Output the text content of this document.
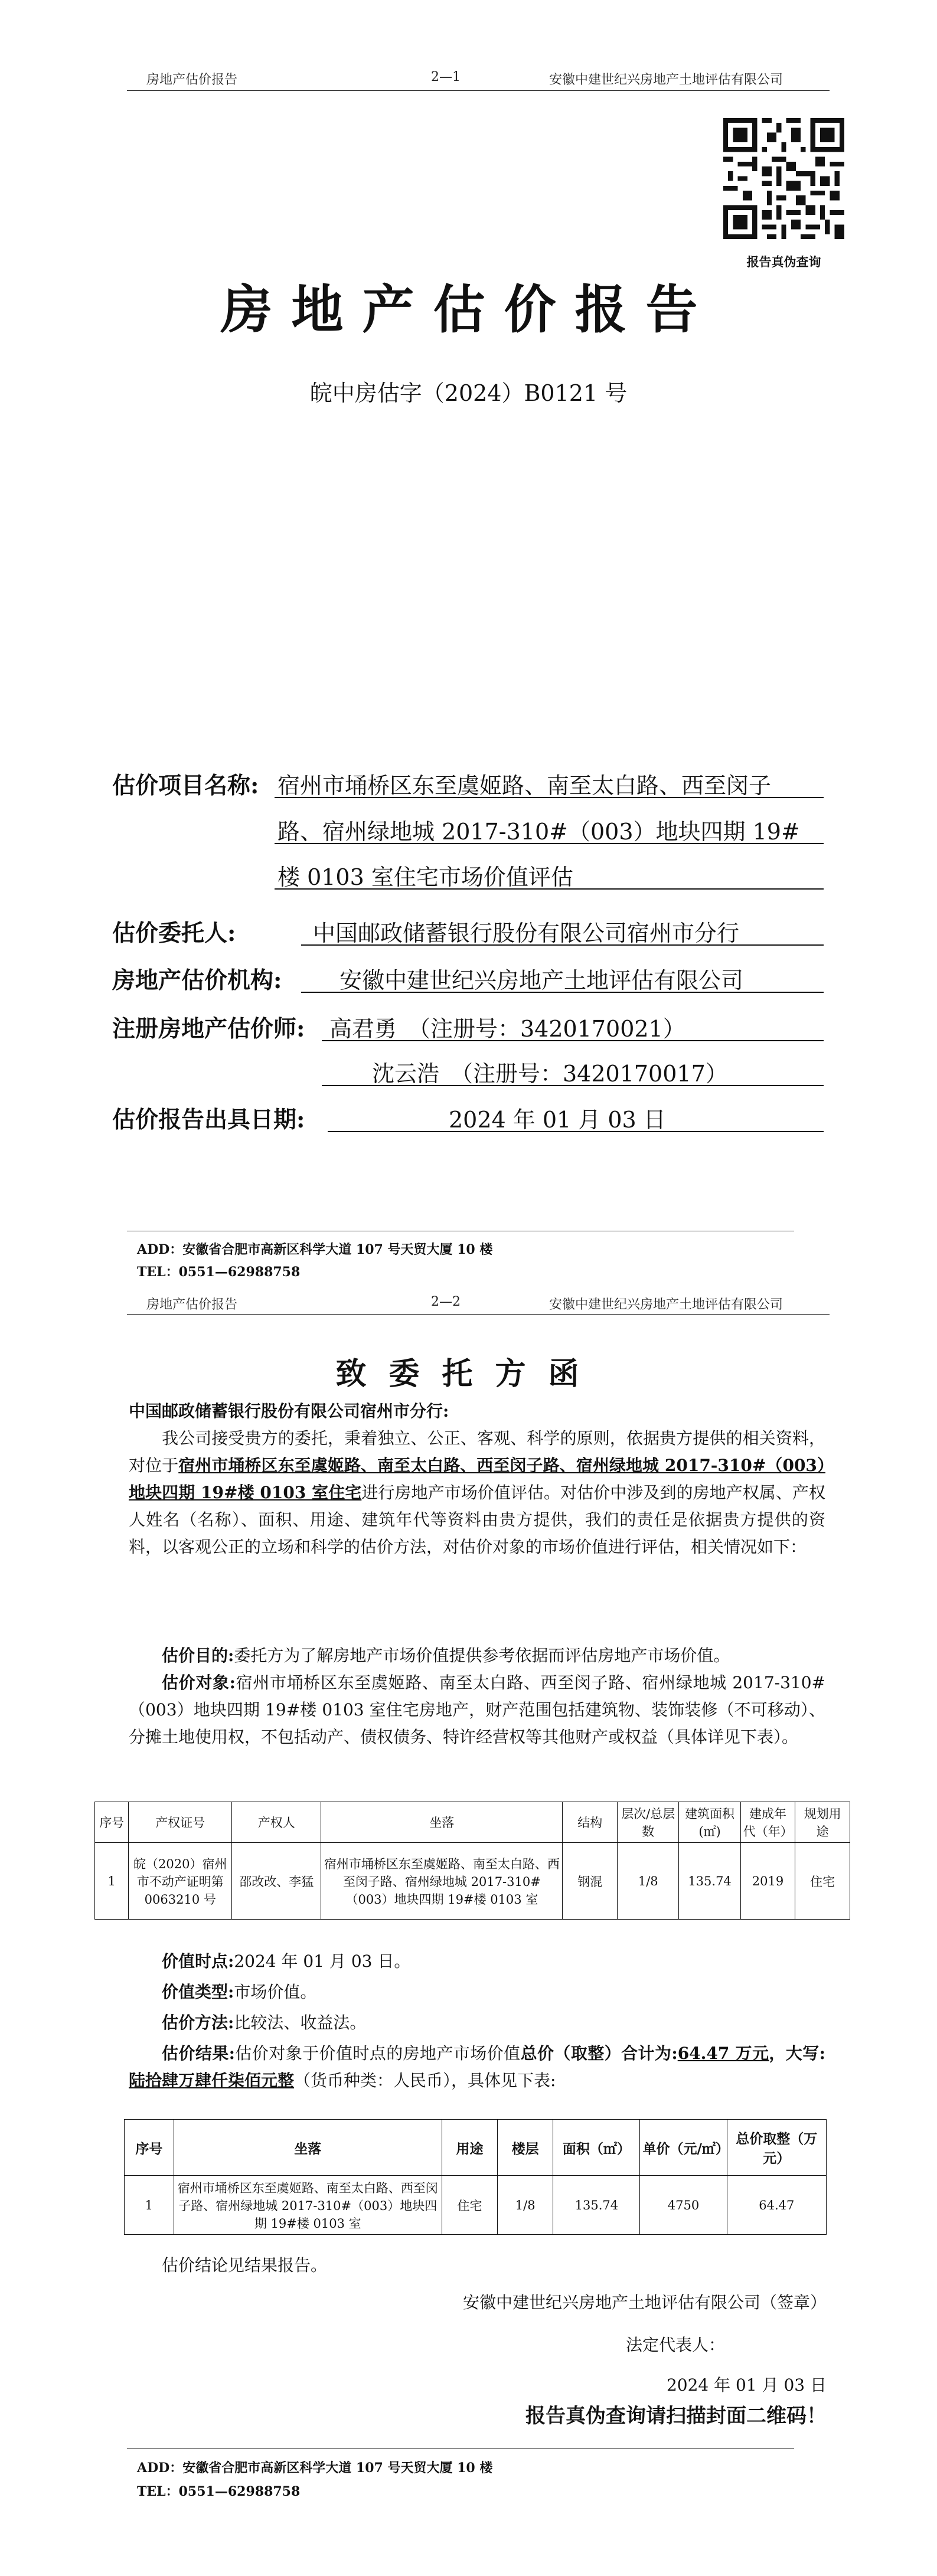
房地产估价报告	2—1	安徽中建世纪兴房地产土地评估有限公司
报告真伪查询
房地产估价报告
皖中房估字（2024）B0121 号
估价项目名称: 宿州市埇桥区东至虞姬路、南至太白路、西至闵子
路、宿州绿地城 2017-310#（003）地块四期 19#
楼 0103 室住宅市场价值评估
估价委托人:	中国邮政储蓄银行股份有限公司宿州市分行
房地产估价机构:	安徽中建世纪兴房地产土地评估有限公司
注册房地产估价师: 高君勇　（注册号：3420170021）
沈云浩　（注册号：3420170017）
估价报告出具日期:	2024 年 01 月 03 日
ADD：安徽省合肥市高新区科学大道 107 号天贸大厦 10 楼
TEL：0551—62988758
房地产估价报告	2—2	安徽中建世纪兴房地产土地评估有限公司
致委托方函
中国邮政储蓄银行股份有限公司宿州市分行:
我公司接受贵方的委托，秉着独立、公正、客观、科学的原则，依据贵方提供的相关资料，对位于宿州市埇桥区东至虞姬路、南至太白路、西至闵子路、宿州绿地城 2017-310#（003）地块四期 19#楼 0103 室住宅进行房地产市场价值评估。对估价中涉及到的房地产权属、产权人姓名（名称）、面积、用途、建筑年代等资料由贵方提供，我们的责任是依据贵方提供的资料，以客观公正的立场和科学的估价方法，对估价对象的市场价值进行评估，相关情况如下：
估价目的:委托方为了解房地产市场价值提供参考依据而评估房地产市场价值。
估价对象:宿州市埇桥区东至虞姬路、南至太白路、西至闵子路、宿州绿地城 2017-310#（003）地块四期 19#楼 0103 室住宅房地产，财产范围包括建筑物、装饰装修（不可移动）、分摊土地使用权，不包括动产、债权债务、特许经营权等其他财产或权益（具体详见下表）。
序号	产权证号	产权人	坐落	结构	层次/总层数	建筑面积(㎡)	建成年代（年）	规划用途
1	皖（2020）宿州市不动产证明第 0063210 号	邵改改、李猛	宿州市埇桥区东至虞姬路、南至太白路、西至闵子路、宿州绿地城 2017-310#（003）地块四期 19#楼 0103 室	钢混	1/8	135.74	2019	住宅
价值时点:2024 年 01 月 03 日。
价值类型:市场价值。
估价方法:比较法、收益法。
估价结果:估价对象于价值时点的房地产市场价值总价（取整）合计为:64.47 万元，大写:陆拾肆万肆仟柒佰元整（货币种类：人民币），具体见下表:
序号	坐落	用途	楼层	面积（㎡）	单价（元/㎡）	总价取整（万元）
1	宿州市埇桥区东至虞姬路、南至太白路、西至闵子路、宿州绿地城 2017-310#（003）地块四期 19#楼 0103 室	住宅	1/8	135.74	4750	64.47
估价结论见结果报告。
安徽中建世纪兴房地产土地评估有限公司（签章）
法定代表人：
2024 年 01 月 03 日
报告真伪查询请扫描封面二维码！
ADD：安徽省合肥市高新区科学大道 107 号天贸大厦 10 楼
TEL：0551—62988758
